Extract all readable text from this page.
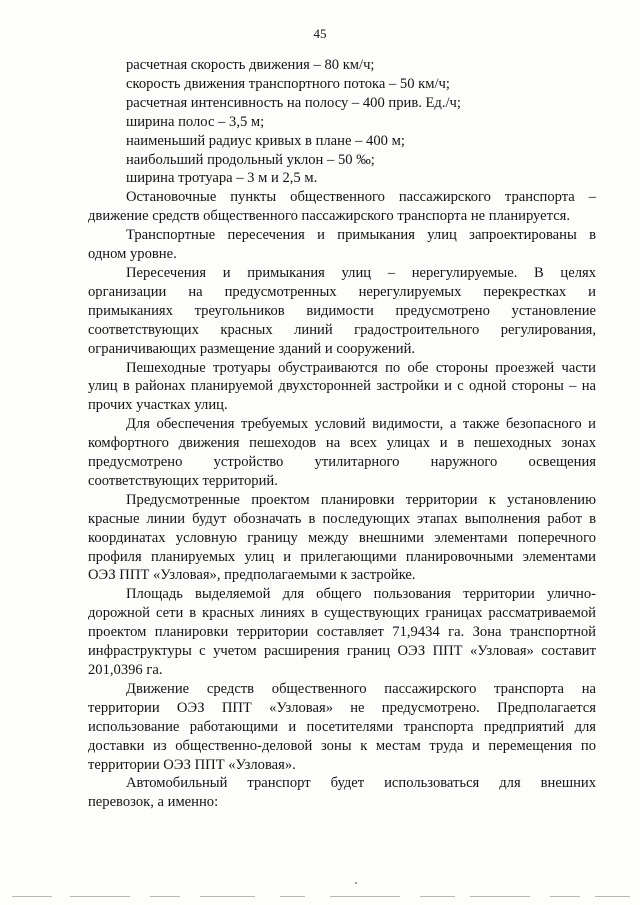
45
расчетная скорость движения – 80 км/ч;
скорость движения транспортного потока – 50 км/ч;
расчетная интенсивность на полосу – 400 прив. Ед./ч;
ширина полос – 3,5 м;
наименьший радиус кривых в плане – 400 м;
наибольший продольный уклон – 50 ‰;
ширина тротуара – 3 м и 2,5 м.
Остановочные пункты общественного пассажирского транспорта –
движение средств общественного пассажирского транспорта не планируется.
Транспортные пересечения и примыкания улиц запроектированы в
одном уровне.
Пересечения и примыкания улиц – нерегулируемые. В целях
организации на предусмотренных нерегулируемых перекрестках и
примыканиях треугольников видимости предусмотрено установление
соответствующих красных линий градостроительного регулирования,
ограничивающих размещение зданий и сооружений.
Пешеходные тротуары обустраиваются по обе стороны проезжей части
улиц в районах планируемой двухсторонней застройки и с одной стороны – на
прочих участках улиц.
Для обеспечения требуемых условий видимости, а также безопасного и
комфортного движения пешеходов на всех улицах и в пешеходных зонах
предусмотрено устройство утилитарного наружного освещения
соответствующих территорий.
Предусмотренные проектом планировки территории к установлению
красные линии будут обозначать в последующих этапах выполнения работ в
координатах условную границу между внешними элементами поперечного
профиля планируемых улиц и прилегающими планировочными элементами
ОЭЗ ППТ «Узловая», предполагаемыми к застройке.
Площадь выделяемой для общего пользования территории улично-
дорожной сети в красных линиях в существующих границах рассматриваемой
проектом планировки территории составляет 71,9434 га. Зона транспортной
инфраструктуры с учетом расширения границ ОЭЗ ППТ «Узловая» составит
201,0396 га.
Движение средств общественного пассажирского транспорта на
территории ОЭЗ ППТ «Узловая» не предусмотрено. Предполагается
использование работающими и посетителями транспорта предприятий для
доставки из общественно-деловой зоны к местам труда и перемещения по
территории ОЭЗ ППТ «Узловая».
Автомобильный транспорт будет использоваться для внешних
перевозок, а именно:
